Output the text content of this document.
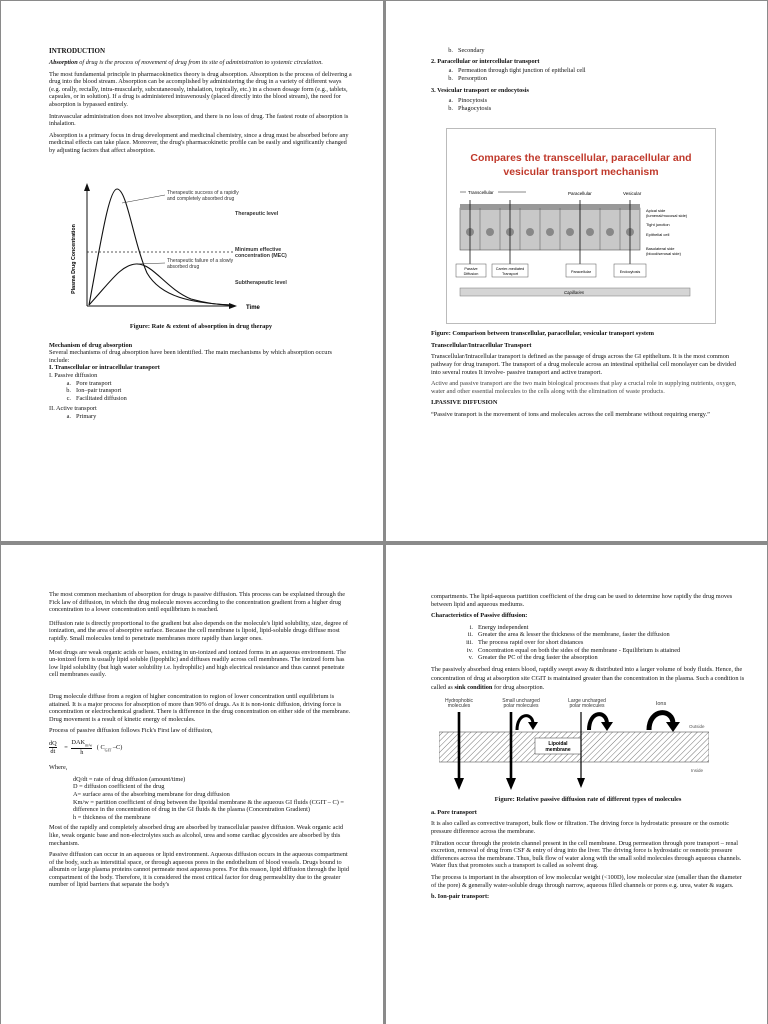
INTRODUCTION

Absorption of drug is the process of movement of drug from its site of administration to systemic circulation.

The most fundamental principle in pharmacokinetics theory is drug absorption. Absorption is the process of delivering a drug into the blood stream. Absorption can be accomplished by administering the drug in a variety of different ways (e.g. orally, rectally, intra-muscularly, subcutaneously, inhalation, topically, etc.) in a chosen dosage form (e.g., tablets, capsules, or in solution). If a drug is administered intravenously (placed directly into the blood stream), the need for absorption is bypassed entirely.

Intravascular administration does not involve absorption, and there is no loss of drug. The fastest route of absorption is inhalation.

Absorption is a primary focus in drug development and medicinal chemistry, since a drug must be absorbed before any medicinal effects can take place. Moreover, the drug's pharmacokinetic profile can be easily and significantly changed by adjusting factors that affect absorption.

Plasma Drug Concentration
Time
Therapeutic success of a rapidly
and completely absorbed drug
Therapeutic level
Minimum effective
concentration (MEC)
Therapeutic failure of a slowly
absorbed drug
Subtherapeutic level

Figure: Rate & extent of absorption in drug therapy

Mechanism of drug absorption

Several mechanisms of drug absorption have been identified. The main mechanisms by which absorption occurs include:

I. Transcellular or intracellular transport

I. Passive diffusion

a. Pore transport
b. Ion–pair transport
c. Facilitated diffusion

II. Active transport

a. Primary
b. Secondary

2. Paracellular or intercellular transport

a. Permeation through tight junction of epithelial cell
b. Persorption

3. Vesicular transport or endocytosis

a. Pinocytosis
b. Phagocytosis
Compares the transcellular, paracellular and
vesicular transport mechanism
Transcellular	Paracellular	Vesicular
Apical side
(lumenal/mucosal side)
Tight junction
Epithelial cell
Basolateral side
(blood/serosal side)
Passive
Diffusion
Carrier-mediated
Transport	Paracellular	Endocytosis
Capillaries

Figure: Comparison between transcellular, paracellular, vesicular transport system

Transcellular/Intracellular Transport

Transcellular/Intracellular transport is defined as the passage of drugs across the GI epithelium. It is the most common pathway for drug transport. The transport of a drug molecule across an intestinal epithelial cell monolayer can be divided into several routes It involve- passive transport and active transport.

Active and passive transport are the two main biological processes that play a crucial role in supplying nutrients, oxygen, water and other essential molecules to the cells along with the elimination of waste products.

I.PASSIVE DIFFUSION

“Passive transport is the movement of ions and molecules across the cell membrane without requiring energy.”

The most common mechanism of absorption for drugs is passive diffusion. This process can be explained through the Fick law of diffusion, in which the drug molecule moves according to the concentration gradient from a higher drug concentration to a lower concentration until equilibrium is reached.

Diffusion rate is directly proportional to the gradient but also depends on the molecule's lipid solubility, size, degree of ionization, and the area of absorptive surface. Because the cell membrane is lipoid, lipid-soluble drugs diffuse most rapidly. Small molecules tend to penetrate membranes more rapidly than larger ones.

Most drugs are weak organic acids or bases, existing in un-ionized and ionized forms in an aqueous environment. The un-ionized form is usually lipid soluble (lipophilic) and diffuses readily across cell membranes. The ionized form has low lipid solubility (but high water solubility i.e. hydrophilic) and high electrical resistance and thus cannot penetrate cell membranes easily.

Drug molecule diffuse from a region of higher concentration to region of lower concentration until equilibrium is attained. It is a major process for absorption of more than 90% of drugs. As it is non-ionic diffusion, driving force is concentration or electrochemical gradient. There is difference in the drug concentration on either side of the membrane. Drug movement is a result of kinetic energy of molecules.

Process of passive diffusion follows Fick's First law of diffusion,

$\frac{dQ}{dt} = \frac{DAK_{m/w}}{h}$ ( $C_{GIT}$ –C)

Where,

dQ/dt = rate of drug diffusion (amount/time)
D = diffusion coefficient of the drug
A= surface area of the absorbing membrane for drug diffusion
Km/w = partition coefficient of drug between the lipoidal membrane & the aqueous GI fluids (CGIT – C) = difference in the concentration of drug in the GI fluids & the plasma (Concentration Gradient)
h = thickness of the membrane

Most of the rapidly and completely absorbed drug are absorbed by transcellular passive diffusion. Weak organic acid like, weak organic base and non-electrolytes such as alcohol, urea and some cardiac glycosides are absorbed by this mechanism.

Passive diffusion can occur in an aqueous or lipid environment. Aqueous diffusion occurs in the aqueous compartment of the body, such as interstitial space, or through aqueous pores in the endothelium of blood vessels. Drugs bound to albumin or large plasma proteins cannot permeate most aqueous pores. For this reason, lipid diffusion through the lipid compartment of the body. Therefore, it is considered the most critical factor for drug permeability due to the greater number of lipid barriers that separate the body's

compartments. The lipid-aqueous partition coefficient of the drug can be used to determine how rapidly the drug moves between lipid and aqueous mediums.

Characteristics of Passive diffusion:

i. Energy independent
ii. Greater the area & lesser the thickness of the membrane, faster the diffusion
iii. The process rapid over for short distances
iv. Concentration equal on both the sides of the membrane - Equilibrium is attained
v. Greater the PC of the drug faster the absorption

The passively absorbed drug enters blood, rapidly swept away & distributed into a larger volume of body fluids. Hence, the concentration of drug at absorption site CGIT is maintained greater than the concentration in the plasma. Such a condition is called as sink condition for drug absorption.

Hydrophobic
molecules
Small uncharged
polar molecules
Large uncharged
polar molecules	Ions
Lipoidal
membrane
Outside
Inside

Figure: Relative passive diffusion rate of different types of molecules

a. Pore transport

It is also called as convective transport, bulk flow or filtration. The driving force is hydrostatic pressure or the osmotic pressure difference across the membrane.

Filtration occur through the protein channel present in the cell membrane. Drug permeation through pore transport – renal excretion, removal of drug from CSF & entry of drug into the liver. The driving force is hydrostatic or osmotic pressure differences across the membrane. Thus, bulk flow of water along with the small solid molecules through aqueous channels. Water flux that promotes such a transport is called as solvent drag.

The process is important in the absorption of low molecular weight (<100D), low molecular size (smaller than the diameter of the pore) & generally water-soluble drugs through narrow, aqueous filled channels or pores e.g. urea, water & sugars.

b. Ion-pair transport:
